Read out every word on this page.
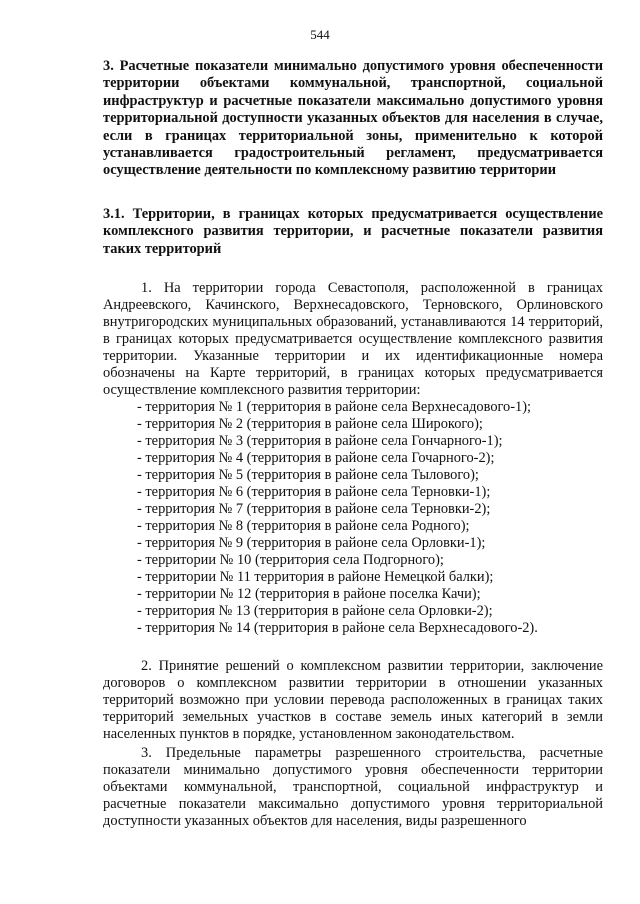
544
3. Расчетные показатели минимально допустимого уровня обеспеченности территории объектами коммунальной, транспортной, социальной инфраструктур и расчетные показатели максимально допустимого уровня территориальной доступности указанных объектов для населения в случае, если в границах территориальной зоны, применительно к которой устанавливается градостроительный регламент, предусматривается осуществление деятельности по комплексному развитию территории
3.1. Территории, в границах которых предусматривается осуществление комплексного развития территории, и расчетные показатели развития таких территорий
1. На территории города Севастополя, расположенной в границах Андреевского, Качинского, Верхнесадовского, Терновского, Орлиновского внутригородских муниципальных образований, устанавливаются 14 территорий, в границах которых предусматривается осуществление комплексного развития территории. Указанные территории и их идентификационные номера обозначены на Карте территорий, в границах которых предусматривается осуществление комплексного развития территории:
- территория № 1 (территория в районе села Верхнесадового-1);
- территория № 2 (территория в районе села Широкого);
- территория № 3 (территория в районе села Гончарного-1);
- территория № 4 (территория в районе села Гочарного-2);
- территория № 5 (территория в районе села Тылового);
- территория № 6 (территория в районе села Терновки-1);
- территория № 7 (территория в районе села Терновки-2);
- территория № 8 (территория в районе села Родного);
- территория № 9 (территория в районе села Орловки-1);
- территории № 10 (территория села Подгорного);
- территории № 11 территория в районе Немецкой балки);
- территории № 12 (территория в районе поселка Качи);
- территория № 13 (территория в районе села Орловки-2);
- территория № 14 (территория в районе села Верхнесадового-2).
2. Принятие решений о комплексном развитии территории, заключение договоров о комплексном развитии территории в отношении указанных территорий возможно при условии перевода расположенных в границах таких территорий земельных участков в составе земель иных категорий в земли населенных пунктов в порядке, установленном законодательством.
3. Предельные параметры разрешенного строительства, расчетные показатели минимально допустимого уровня обеспеченности территории объектами коммунальной, транспортной, социальной инфраструктур и расчетные показатели максимально допустимого уровня территориальной доступности указанных объектов для населения, виды разрешенного
